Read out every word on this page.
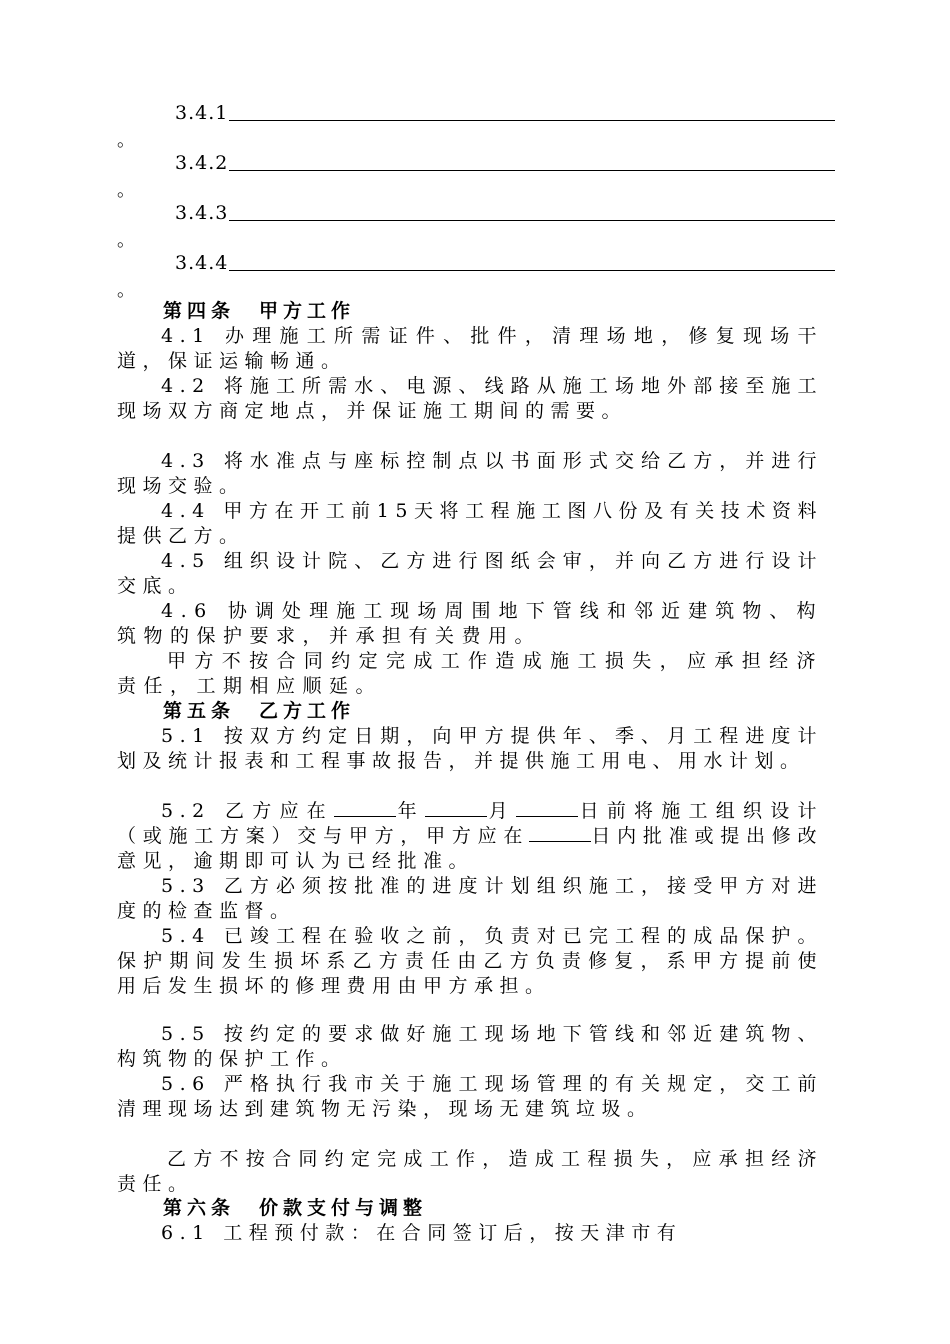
3.4.1
。
3.4.2
。
3.4.3
。
3.4.4
。
第四条　甲方工作
4.1 办理施工所需证件、批件，清理场地，修复现场干道，保证运输畅通。
4.2 将施工所需水、电源、线路从施工场地外部接至施工现场双方商定地点，并保证施工期间的需要。
4.3 将水准点与座标控制点以书面形式交给乙方，并进行现场交验。
4.4 甲方在开工前15天将工程施工图八份及有关技术资料提供乙方。
4.5 组织设计院、乙方进行图纸会审，并向乙方进行设计交底。
4.6 协调处理施工现场周围地下管线和邻近建筑物、构筑物的保护要求，并承担有关费用。
甲方不按合同约定完成工作造成施工损失，应承担经济责任，工期相应顺延。
第五条　乙方工作
5.1 按双方约定日期，向甲方提供年、季、月工程进度计划及统计报表和工程事故报告，并提供施工用电、用水计划。
5.2 乙方应在	年	月	日前将施工组织设计（或施工方案）交与甲方，甲方应在	日内批准或提出修改意见，逾期即可认为已经批准。
5.3 乙方必须按批准的进度计划组织施工，接受甲方对进度的检查监督。
5.4 已竣工程在验收之前，负责对已完工程的成品保护。保护期间发生损坏系乙方责任由乙方负责修复，系甲方提前使用后发生损坏的修理费用由甲方承担。
5.5 按约定的要求做好施工现场地下管线和邻近建筑物、构筑物的保护工作。
5.6 严格执行我市关于施工现场管理的有关规定，交工前清理现场达到建筑物无污染，现场无建筑垃圾。
乙方不按合同约定完成工作，造成工程损失，应承担经济责任。
第六条　价款支付与调整
6.1 工程预付款：在合同签订后，按天津市有
